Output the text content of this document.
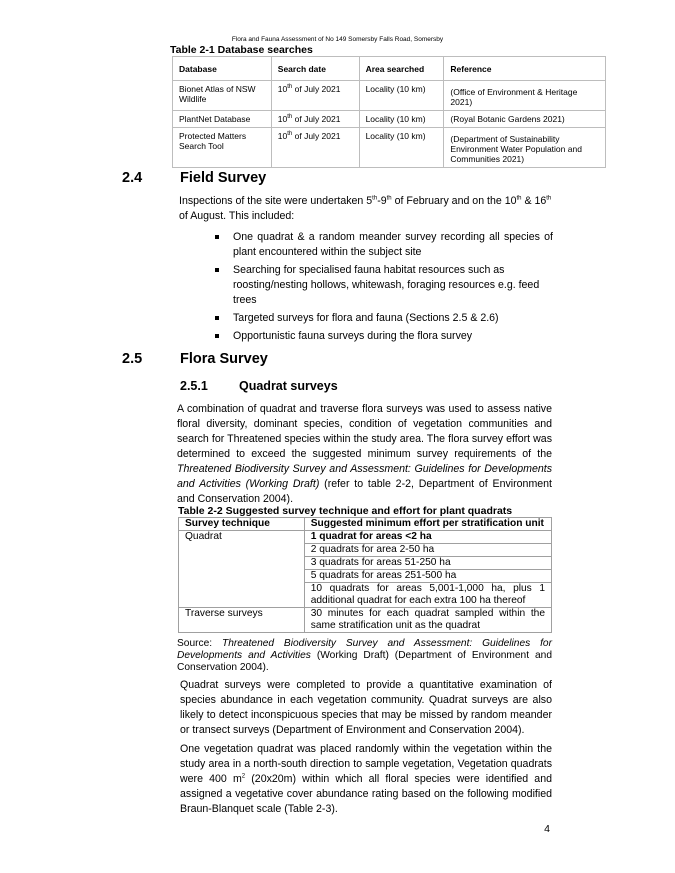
Flora and Fauna Assessment of No 149 Somersby Falls Road, Somersby
Table 2-1 Database searches
Database	Search date	Area searched	Reference
Bionet Atlas of NSW Wildlife	10th of July 2021	Locality (10 km)	(Office of Environment & Heritage 2021)
PlantNet Database	10th of July 2021	Locality (10 km)	(Royal Botanic Gardens 2021)
Protected Matters Search Tool	10th of July 2021	Locality (10 km)	(Department of Sustainability Environment Water Population and Communities 2021)
2.4	Field Survey
Inspections of the site were undertaken 5th-9th of February and on the 10th & 16th of August. This included:
One quadrat & a random meander survey recording all species of plant encountered within the subject site
Searching for specialised fauna habitat resources such as roosting/nesting hollows, whitewash, foraging resources e.g. feed trees
Targeted surveys for flora and fauna (Sections 2.5 & 2.6)
Opportunistic fauna surveys during the flora survey
2.5	Flora Survey
2.5.1 Quadrat surveys
A combination of quadrat and traverse flora surveys was used to assess native floral diversity, dominant species, condition of vegetation communities and search for Threatened species within the study area. The flora survey effort was determined to exceed the suggested minimum survey requirements of the Threatened Biodiversity Survey and Assessment: Guidelines for Developments and Activities (Working Draft) (refer to table 2-2, Department of Environment and Conservation 2004).
Table 2-2 Suggested survey technique and effort for plant quadrats
Survey technique	Suggested minimum effort per stratification unit
Quadrat	1 quadrat for areas <2 ha
	2 quadrats for area 2-50 ha
	3 quadrats for areas 51-250 ha
	5 quadrats for areas 251-500 ha
	10 quadrats for areas 5,001-1,000 ha, plus 1 additional quadrat for each extra 100 ha thereof
Traverse surveys	30 minutes for each quadrat sampled within the same stratification unit as the quadrat
Source: Threatened Biodiversity Survey and Assessment: Guidelines for Developments and Activities (Working Draft) (Department of Environment and Conservation 2004).
Quadrat surveys were completed to provide a quantitative examination of species abundance in each vegetation community. Quadrat surveys are also likely to detect inconspicuous species that may be missed by random meander or transect surveys (Department of Environment and Conservation 2004).
One vegetation quadrat was placed randomly within the vegetation within the study area in a north-south direction to sample vegetation, Vegetation quadrats were 400 $m^2$ (20x20m) within which all floral species were identified and assigned a vegetative cover abundance rating based on the following modified Braun-Blanquet scale (Table 2-3).
4
